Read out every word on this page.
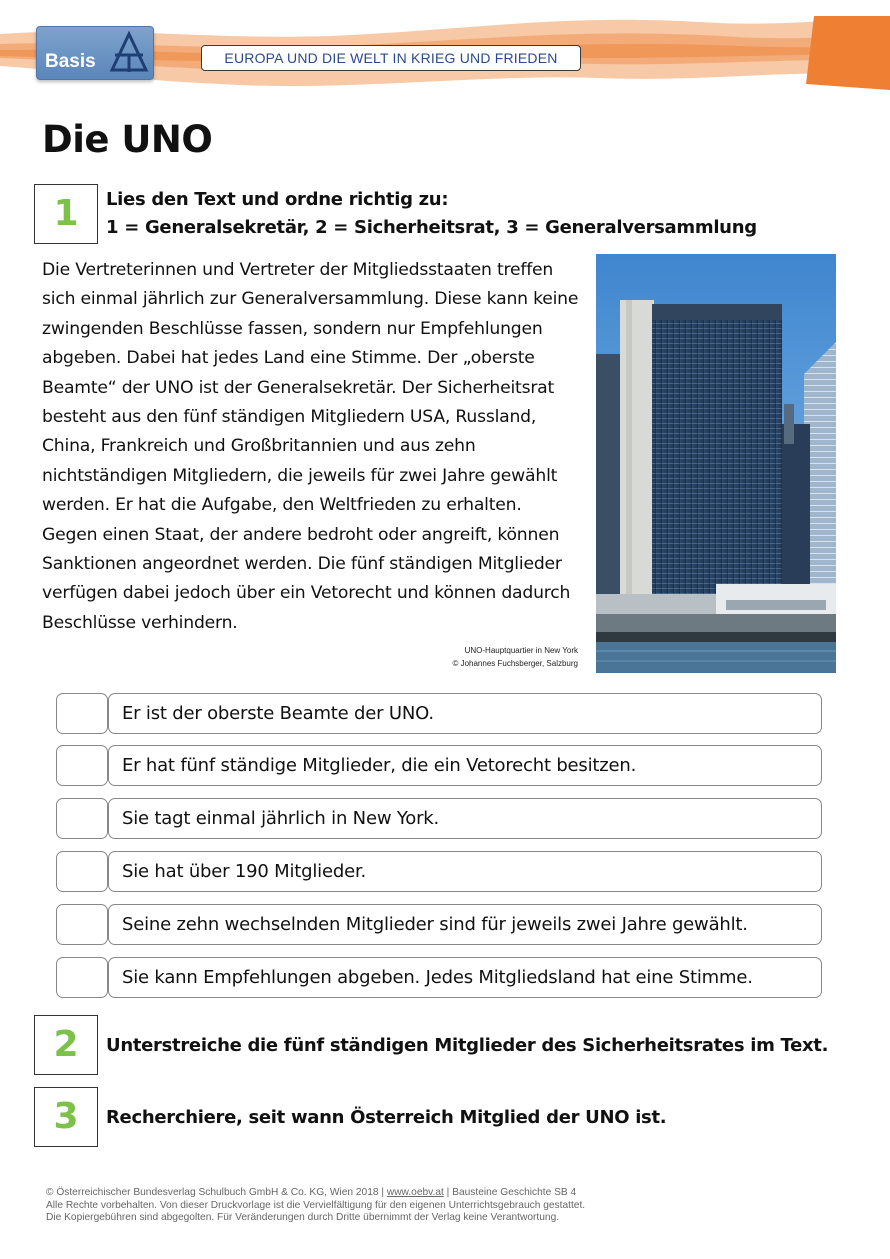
Basis	EUROPA UND DIE WELT IN KRIEG UND FRIEDEN
Die UNO
1	Lies den Text und ordne richtig zu:
1 = Generalsekretär, 2 = Sicherheitsrat, 3 = Generalversammlung

Die Vertreterinnen und Vertreter der Mitgliedsstaaten treffen

sich einmal jährlich zur Generalversammlung. Diese kann keine

zwingenden Beschlüsse fassen, sondern nur Empfehlungen

abgeben. Dabei hat jedes Land eine Stimme. Der „oberste

Beamte“ der UNO ist der Generalsekretär. Der Sicherheitsrat

besteht aus den fünf ständigen Mitgliedern USA, Russland,

China, Frankreich und Großbritannien und aus zehn

nichtständigen Mitgliedern, die jeweils für zwei Jahre gewählt

werden. Er hat die Aufgabe, den Weltfrieden zu erhalten.

Gegen einen Staat, der andere bedroht oder angreift, können

Sanktionen angeordnet werden. Die fünf ständigen Mitglieder

verfügen dabei jedoch über ein Vetorecht und können dadurch

Beschlüsse verhindern.

UNO-Hauptquartier in New York
© Johannes Fuchsberger, Salzburg
Er ist der oberste Beamte der UNO.
Er hat fünf ständige Mitglieder, die ein Vetorecht besitzen.
Sie tagt einmal jährlich in New York.
Sie hat über 190 Mitglieder.
Seine zehn wechselnden Mitglieder sind für jeweils zwei Jahre gewählt.
Sie kann Empfehlungen abgeben. Jedes Mitgliedsland hat eine Stimme.
2	Unterstreiche die fünf ständigen Mitglieder des Sicherheitsrates im Text.
3	Recherchiere, seit wann Österreich Mitglied der UNO ist.
© Österreichischer Bundesverlag Schulbuch GmbH & Co. KG, Wien 2018 | www.oebv.at | Bausteine Geschichte SB 4
Alle Rechte vorbehalten. Von dieser Druckvorlage ist die Vervielfältigung für den eigenen Unterrichtsgebrauch gestattet.
Die Kopiergebühren sind abgegolten. Für Veränderungen durch Dritte übernimmt der Verlag keine Verantwortung.
